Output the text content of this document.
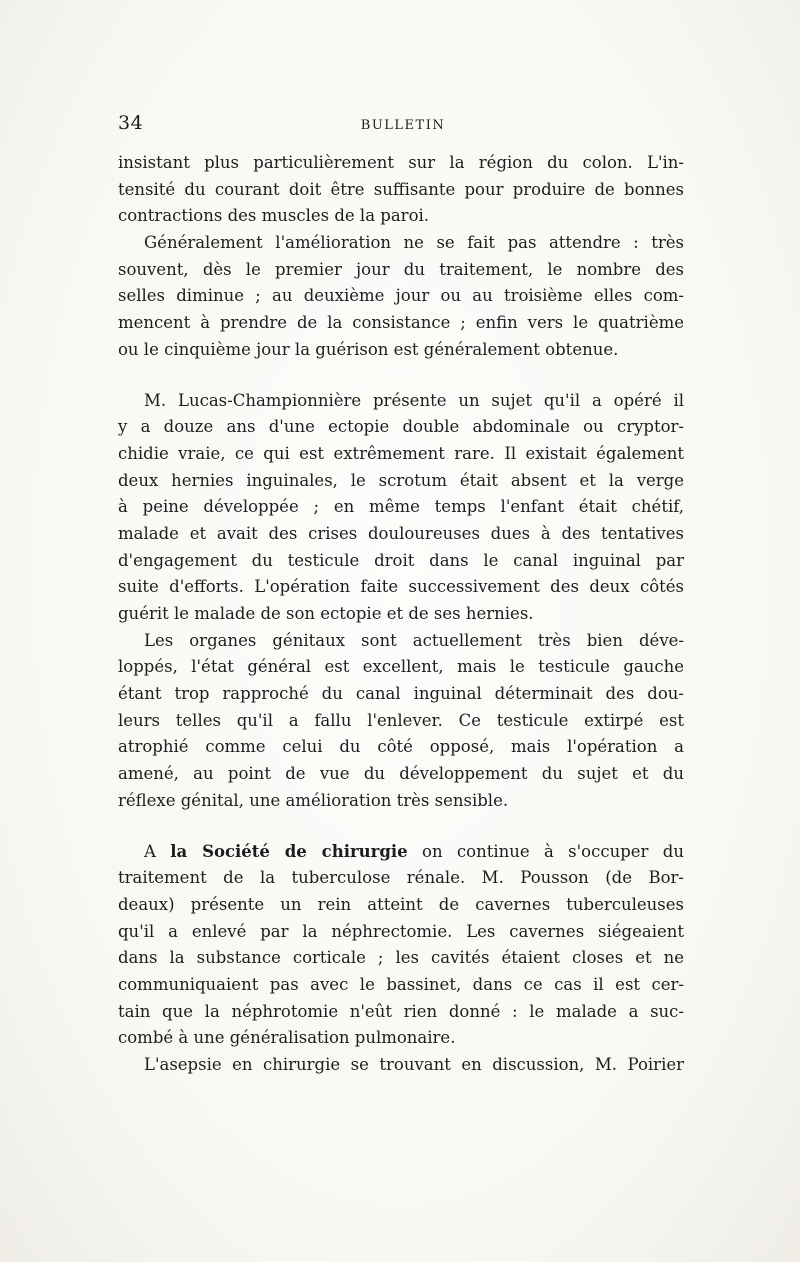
34	BULLETIN
insistant plus particulièrement sur la région du colon. L'in-
tensité du courant doit être suffisante pour produire de bonnes
contractions des muscles de la paroi.
Généralement l'amélioration ne se fait pas attendre : très
souvent, dès le premier jour du traitement, le nombre des
selles diminue ; au deuxième jour ou au troisième elles com-
mencent à prendre de la consistance ; enfin vers le quatrième
ou le cinquième jour la guérison est généralement obtenue.
M. Lucas-Championnière présente un sujet qu'il a opéré il
y a douze ans d'une ectopie double abdominale ou cryptor-
chidie vraie, ce qui est extrêmement rare. Il existait également
deux hernies inguinales, le scrotum était absent et la verge
à peine développée ; en même temps l'enfant était chétif,
malade et avait des crises douloureuses dues à des tentatives
d'engagement du testicule droit dans le canal inguinal par
suite d'efforts. L'opération faite successivement des deux côtés
guérit le malade de son ectopie et de ses hernies.
Les organes génitaux sont actuellement très bien déve-
loppés, l'état général est excellent, mais le testicule gauche
étant trop rapproché du canal inguinal déterminait des dou-
leurs telles qu'il a fallu l'enlever. Ce testicule extirpé est
atrophié comme celui du côté opposé, mais l'opération a
amené, au point de vue du développement du sujet et du
réflexe génital, une amélioration très sensible.
A la Société de chirurgie on continue à s'occuper du
traitement de la tuberculose rénale. M. Pousson (de Bor-
deaux) présente un rein atteint de cavernes tuberculeuses
qu'il a enlevé par la néphrectomie. Les cavernes siégeaient
dans la substance corticale ; les cavités étaient closes et ne
communiquaient pas avec le bassinet, dans ce cas il est cer-
tain que la néphrotomie n'eût rien donné : le malade a suc-
combé à une généralisation pulmonaire.
L'asepsie en chirurgie se trouvant en discussion, M. Poirier
